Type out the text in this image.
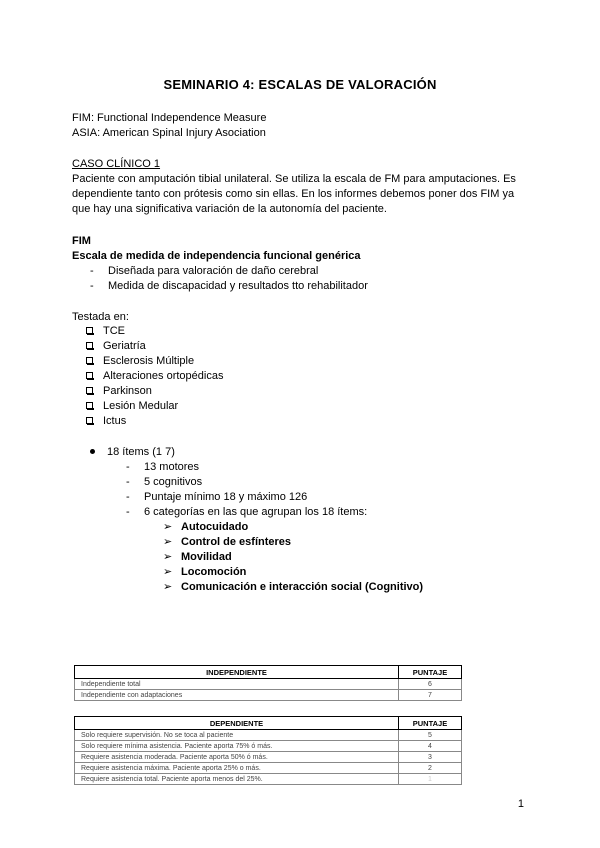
SEMINARIO 4: ESCALAS DE VALORACIÓN
FIM: Functional Independence Measure
ASIA: American Spinal Injury Asociation
CASO CLÍNICO 1
Paciente con amputación tibial unilateral. Se utiliza la escala de FM para amputaciones. Es
dependiente tanto con prótesis como sin ellas. En los informes debemos poner dos FIM ya
que hay una significativa variación de la autonomía del paciente.
FIM
Escala de medida de independencia funcional genérica
- Diseñada para valoración de daño cerebral
- Medida de discapacidad y resultados tto rehabilitador
Testada en:
TCE
Geriatría
Esclerosis Múltiple
Alteraciones ortopédicas
Parkinson
Lesión Medular
Ictus
18 ítems (1 7)
- 13 motores
- 5 cognitivos
- Puntaje mínimo 18 y máximo 126
- 6 categorías en las que agrupan los 18 ítems:
➢ Autocuidado
➢ Control de esfínteres
➢ Movilidad
➢ Locomoción
➢ Comunicación e interacción social (Cognitivo)
INDEPENDIENTE	PUNTAJE
Independiente total	6
Independiente con adaptaciones	7
DEPENDIENTE	PUNTAJE
Solo requiere supervisión. No se toca al paciente	5
Solo requiere mínima asistencia. Paciente aporta 75% ó más.	4
Requiere asistencia moderada. Paciente aporta 50% ó más.	3
Requiere asistencia máxima. Paciente aporta 25% o más.	2
Requiere asistencia total. Paciente aporta menos del 25%.	1
1
